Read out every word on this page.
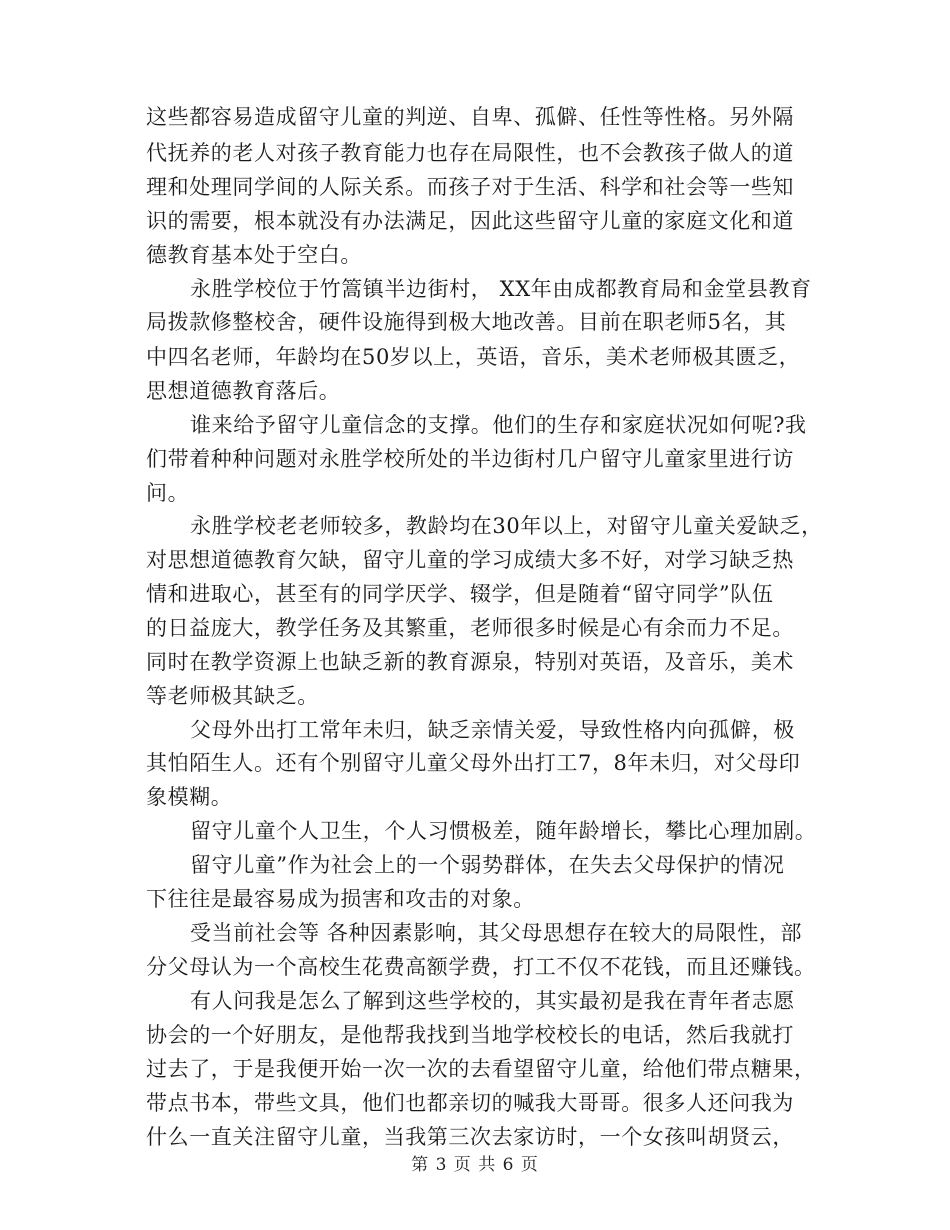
这些都容易造成留守儿童的判逆、自卑、孤僻、任性等性格。另外隔
代抚养的老人对孩子教育能力也存在局限性，也不会教孩子做人的道
理和处理同学间的人际关系。而孩子对于生活、科学和社会等一些知
识的需要，根本就没有办法满足，因此这些留守儿童的家庭文化和道
德教育基本处于空白。
永胜学校位于竹篙镇半边街村， XX年由成都教育局和金堂县教育
局拨款修整校舍，硬件设施得到极大地改善。目前在职老师5名，其
中四名老师，年龄均在50岁以上，英语，音乐，美术老师极其匮乏，
思想道德教育落后。
谁来给予留守儿童信念的支撑。他们的生存和家庭状况如何呢?我
们带着种种问题对永胜学校所处的半边街村几户留守儿童家里进行访
问。
永胜学校老老师较多，教龄均在30年以上，对留守儿童关爱缺乏，
对思想道德教育欠缺，留守儿童的学习成绩大多不好，对学习缺乏热
情和进取心，甚至有的同学厌学、辍学，但是随着“留守同学”队伍
的日益庞大，教学任务及其繁重，老师很多时候是心有余而力不足。
同时在教学资源上也缺乏新的教育源泉，特别对英语，及音乐，美术
等老师极其缺乏。
父母外出打工常年未归，缺乏亲情关爱，导致性格内向孤僻，极
其怕陌生人。还有个别留守儿童父母外出打工7，8年未归，对父母印
象模糊。
留守儿童个人卫生，个人习惯极差，随年龄增长，攀比心理加剧。
留守儿童”作为社会上的一个弱势群体，在失去父母保护的情况
下往往是最容易成为损害和攻击的对象。
受当前社会等 各种因素影响，其父母思想存在较大的局限性，部
分父母认为一个高校生花费高额学费，打工不仅不花钱，而且还赚钱。
有人问我是怎么了解到这些学校的，其实最初是我在青年者志愿
协会的一个好朋友，是他帮我找到当地学校校长的电话，然后我就打
过去了，于是我便开始一次一次的去看望留守儿童，给他们带点糖果，
带点书本，带些文具，他们也都亲切的喊我大哥哥。很多人还问我为
什么一直关注留守儿童，当我第三次去家访时，一个女孩叫胡贤云，
第 3 页 共 6 页
